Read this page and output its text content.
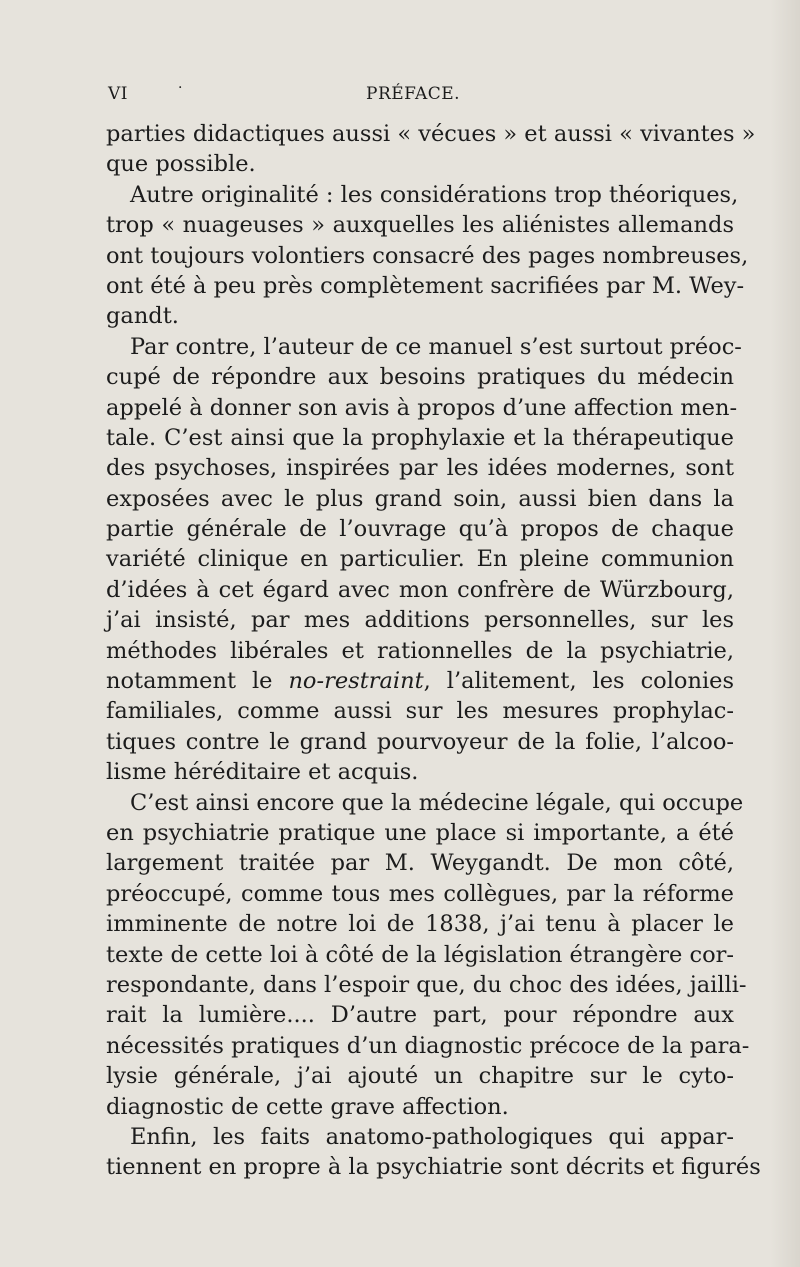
VI	·	PRÉFACE.
parties didactiques aussi « vécues » et aussi « vivantes »
que possible.
Autre originalité : les considérations trop théoriques,
trop « nuageuses » auxquelles les aliénistes allemands
ont toujours volontiers consacré des pages nombreuses,
ont été à peu près complètement sacrifiées par M. Wey-
gandt.
Par contre, l’auteur de ce manuel s’est surtout préoc-
cupé de répondre aux besoins pratiques du médecin
appelé à donner son avis à propos d’une affection men-
tale. C’est ainsi que la prophylaxie et la thérapeutique
des psychoses, inspirées par les idées modernes, sont
exposées avec le plus grand soin, aussi bien dans la
partie générale de l’ouvrage qu’à propos de chaque
variété clinique en particulier. En pleine communion
d’idées à cet égard avec mon confrère de Würzbourg,
j’ai insisté, par mes additions personnelles, sur les
méthodes libérales et rationnelles de la psychiatrie,
notamment le no-restraint, l’alitement, les colonies
familiales, comme aussi sur les mesures prophylac-
tiques contre le grand pourvoyeur de la folie, l’alcoo-
lisme héréditaire et acquis.
C’est ainsi encore que la médecine légale, qui occupe
en psychiatrie pratique une place si importante, a été
largement traitée par M. Weygandt. De mon côté,
préoccupé, comme tous mes collègues, par la réforme
imminente de notre loi de 1838, j’ai tenu à placer le
texte de cette loi à côté de la législation étrangère cor-
respondante, dans l’espoir que, du choc des idées, jailli-
rait la lumière.... D’autre part, pour répondre aux
nécessités pratiques d’un diagnostic précoce de la para-
lysie générale, j’ai ajouté un chapitre sur le cyto-
diagnostic de cette grave affection.
Enfin, les faits anatomo-pathologiques qui appar-
tiennent en propre à la psychiatrie sont décrits et figurés
